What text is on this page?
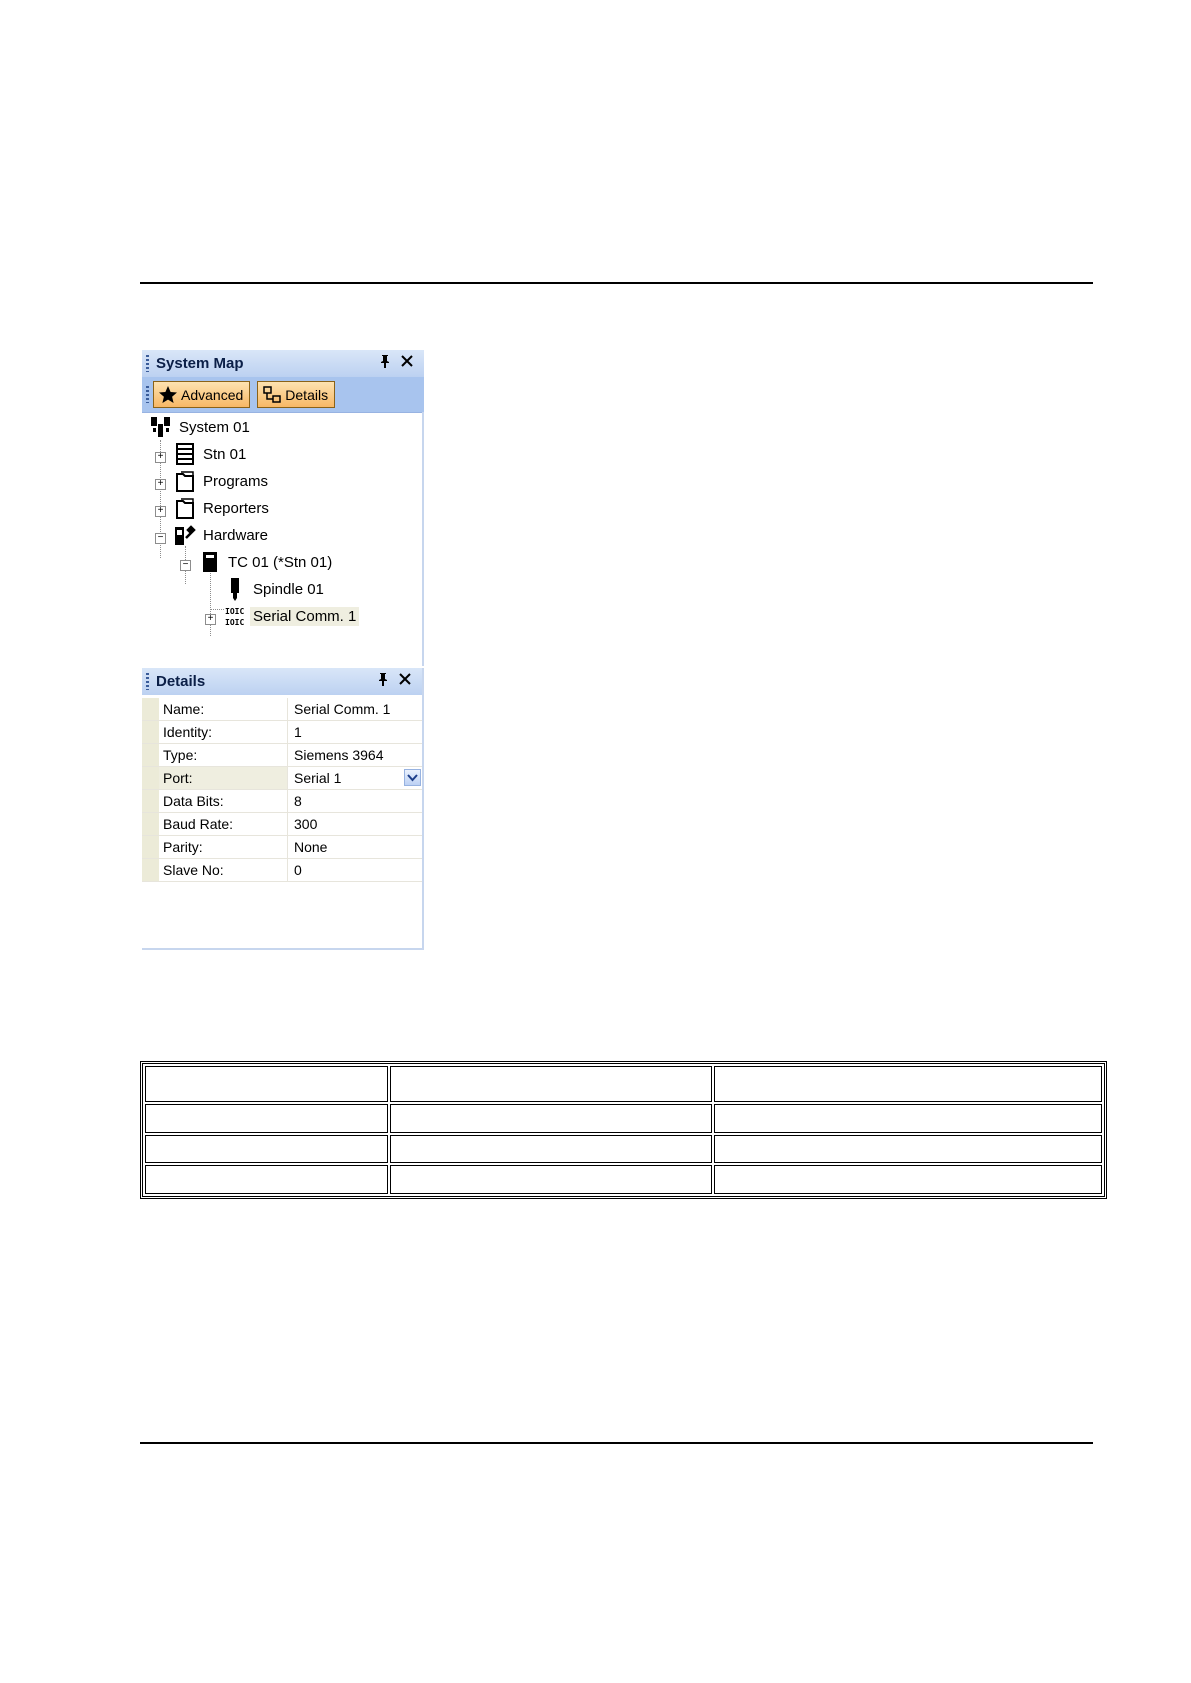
System Map
Advanced	Details
System 01
+	Stn 01
+	Programs
+	Reporters
−	Hardware
−	TC 01 (*Stn 01)
Spindle 01
+
IOIC
IOIC Serial Comm. 1
Details
Name:	Serial Comm. 1
Identity:	1
Type:	Siemens 3964
Port:	Serial 1
Data Bits:	8
Baud Rate:	300
Parity:	None
Slave No:	0
